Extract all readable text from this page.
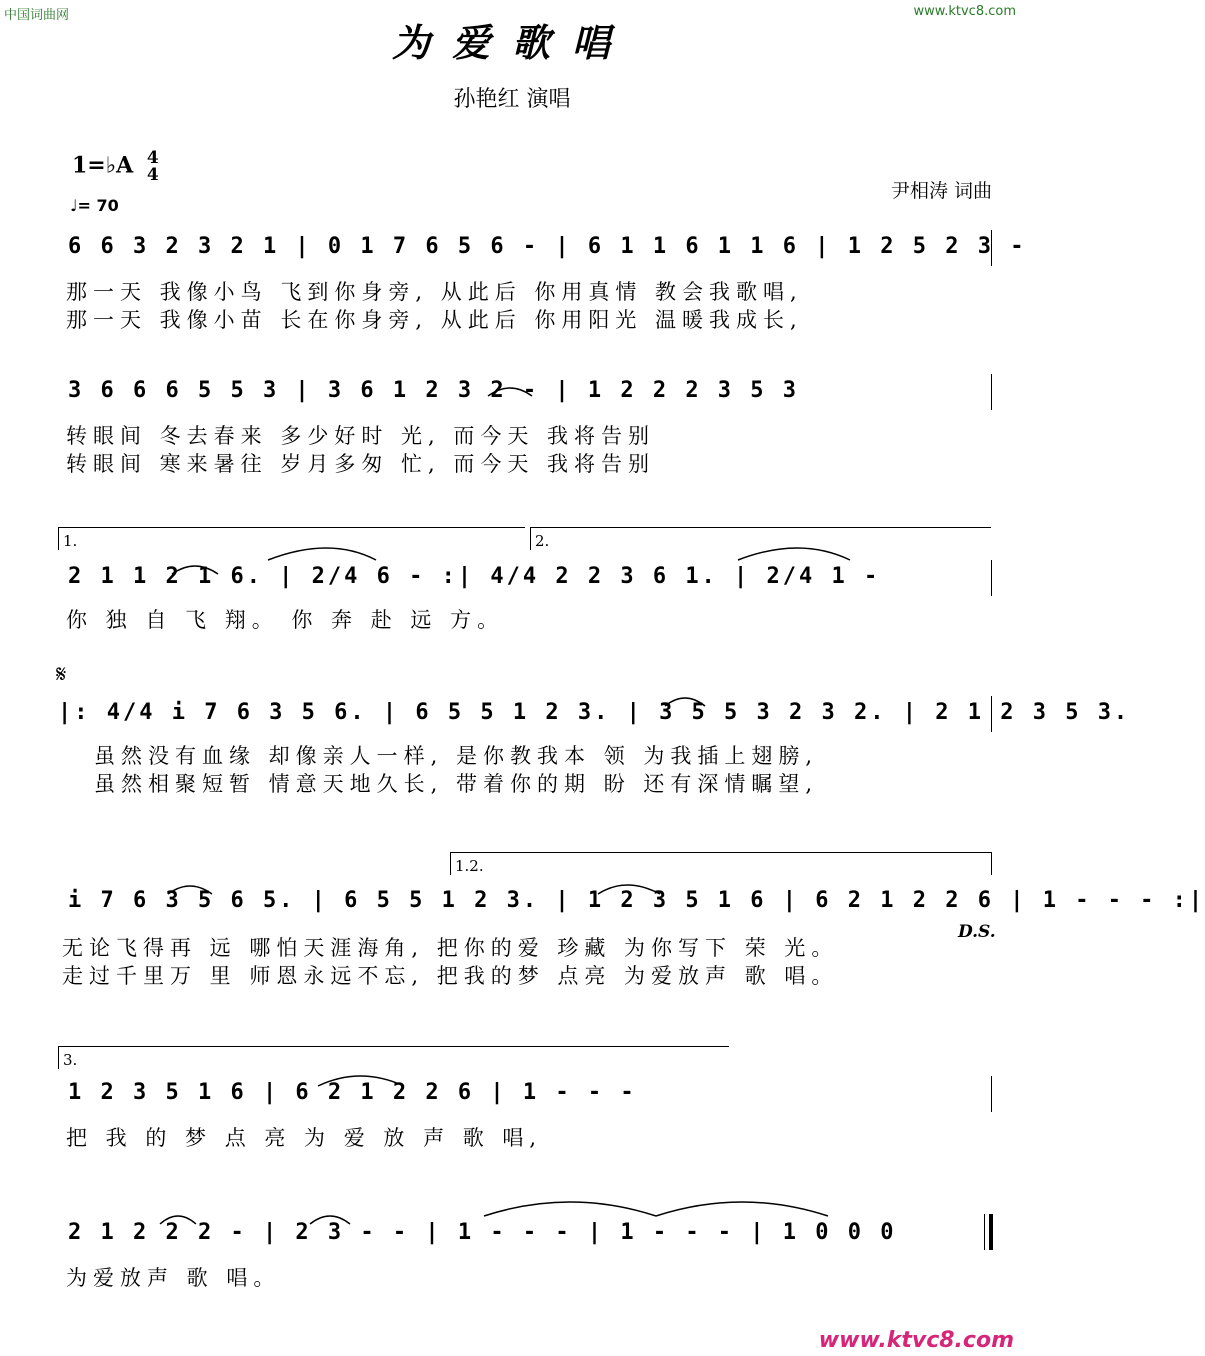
中国词曲网	www.ktvc8.com
为爱歌唱
孙艳红 演唱
尹相涛 词曲
1=♭A 4
4
♩= 70
6 6 3 2 3 2 1 | 0 1 7 6 5 6 - | 6 1 1 6 1 1 6 | 1 2 5 2 3 -
那一天 我像小鸟 飞到你身旁, 从此后 你用真情 教会我歌唱,
那一天 我像小苗 长在你身旁, 从此后 你用阳光 温暖我成长,
3 6 6 6 5 5 3 | 3 6 1 2 3 2 - | 1 2 2 2 3 5 3
转眼间 冬去春来 多少好时 光, 而今天 我将告别
转眼间 寒来暑往 岁月多匆 忙, 而今天 我将告别
1.	2.
2 1 1 2 1 6. | 2/4 6 - :| 4/4 2 2 3 6 1. | 2/4 1 -
你 独 自 飞 翔。 你 奔 赴 远 方。
𝄋
|: 4/4 i 7 6 3 5 6. | 6 5 5 1 2 3. | 3 5 5 3 2 3 2. | 2 1 2 3 5 3.
虽然没有血缘 却像亲人一样, 是你教我本 领 为我插上翅膀,
虽然相聚短暂 情意天地久长, 带着你的期 盼 还有深情瞩望,
1.2.
i 7 6 3 5 6 5. | 6 5 5 1 2 3. | 1 2 3 5 1 6 | 6 2 1 2 2 6 | 1 - - - :|
无论飞得再 远 哪怕天涯海角, 把你的爱 珍藏 为你写下 荣 光。
走过千里万 里 师恩永远不忘, 把我的梦 点亮 为爱放声 歌 唱。
D.S.
3.
1 2 3 5 1 6 | 6 2 1 2 2 6 | 1 - - -
把 我 的 梦 点 亮 为 爱 放 声 歌 唱,
2 1 2 2 2 - | 2 3 - - | 1 - - - | 1 - - - | 1 0 0 0
为爱放声 歌 唱。
www.ktvc8.com
